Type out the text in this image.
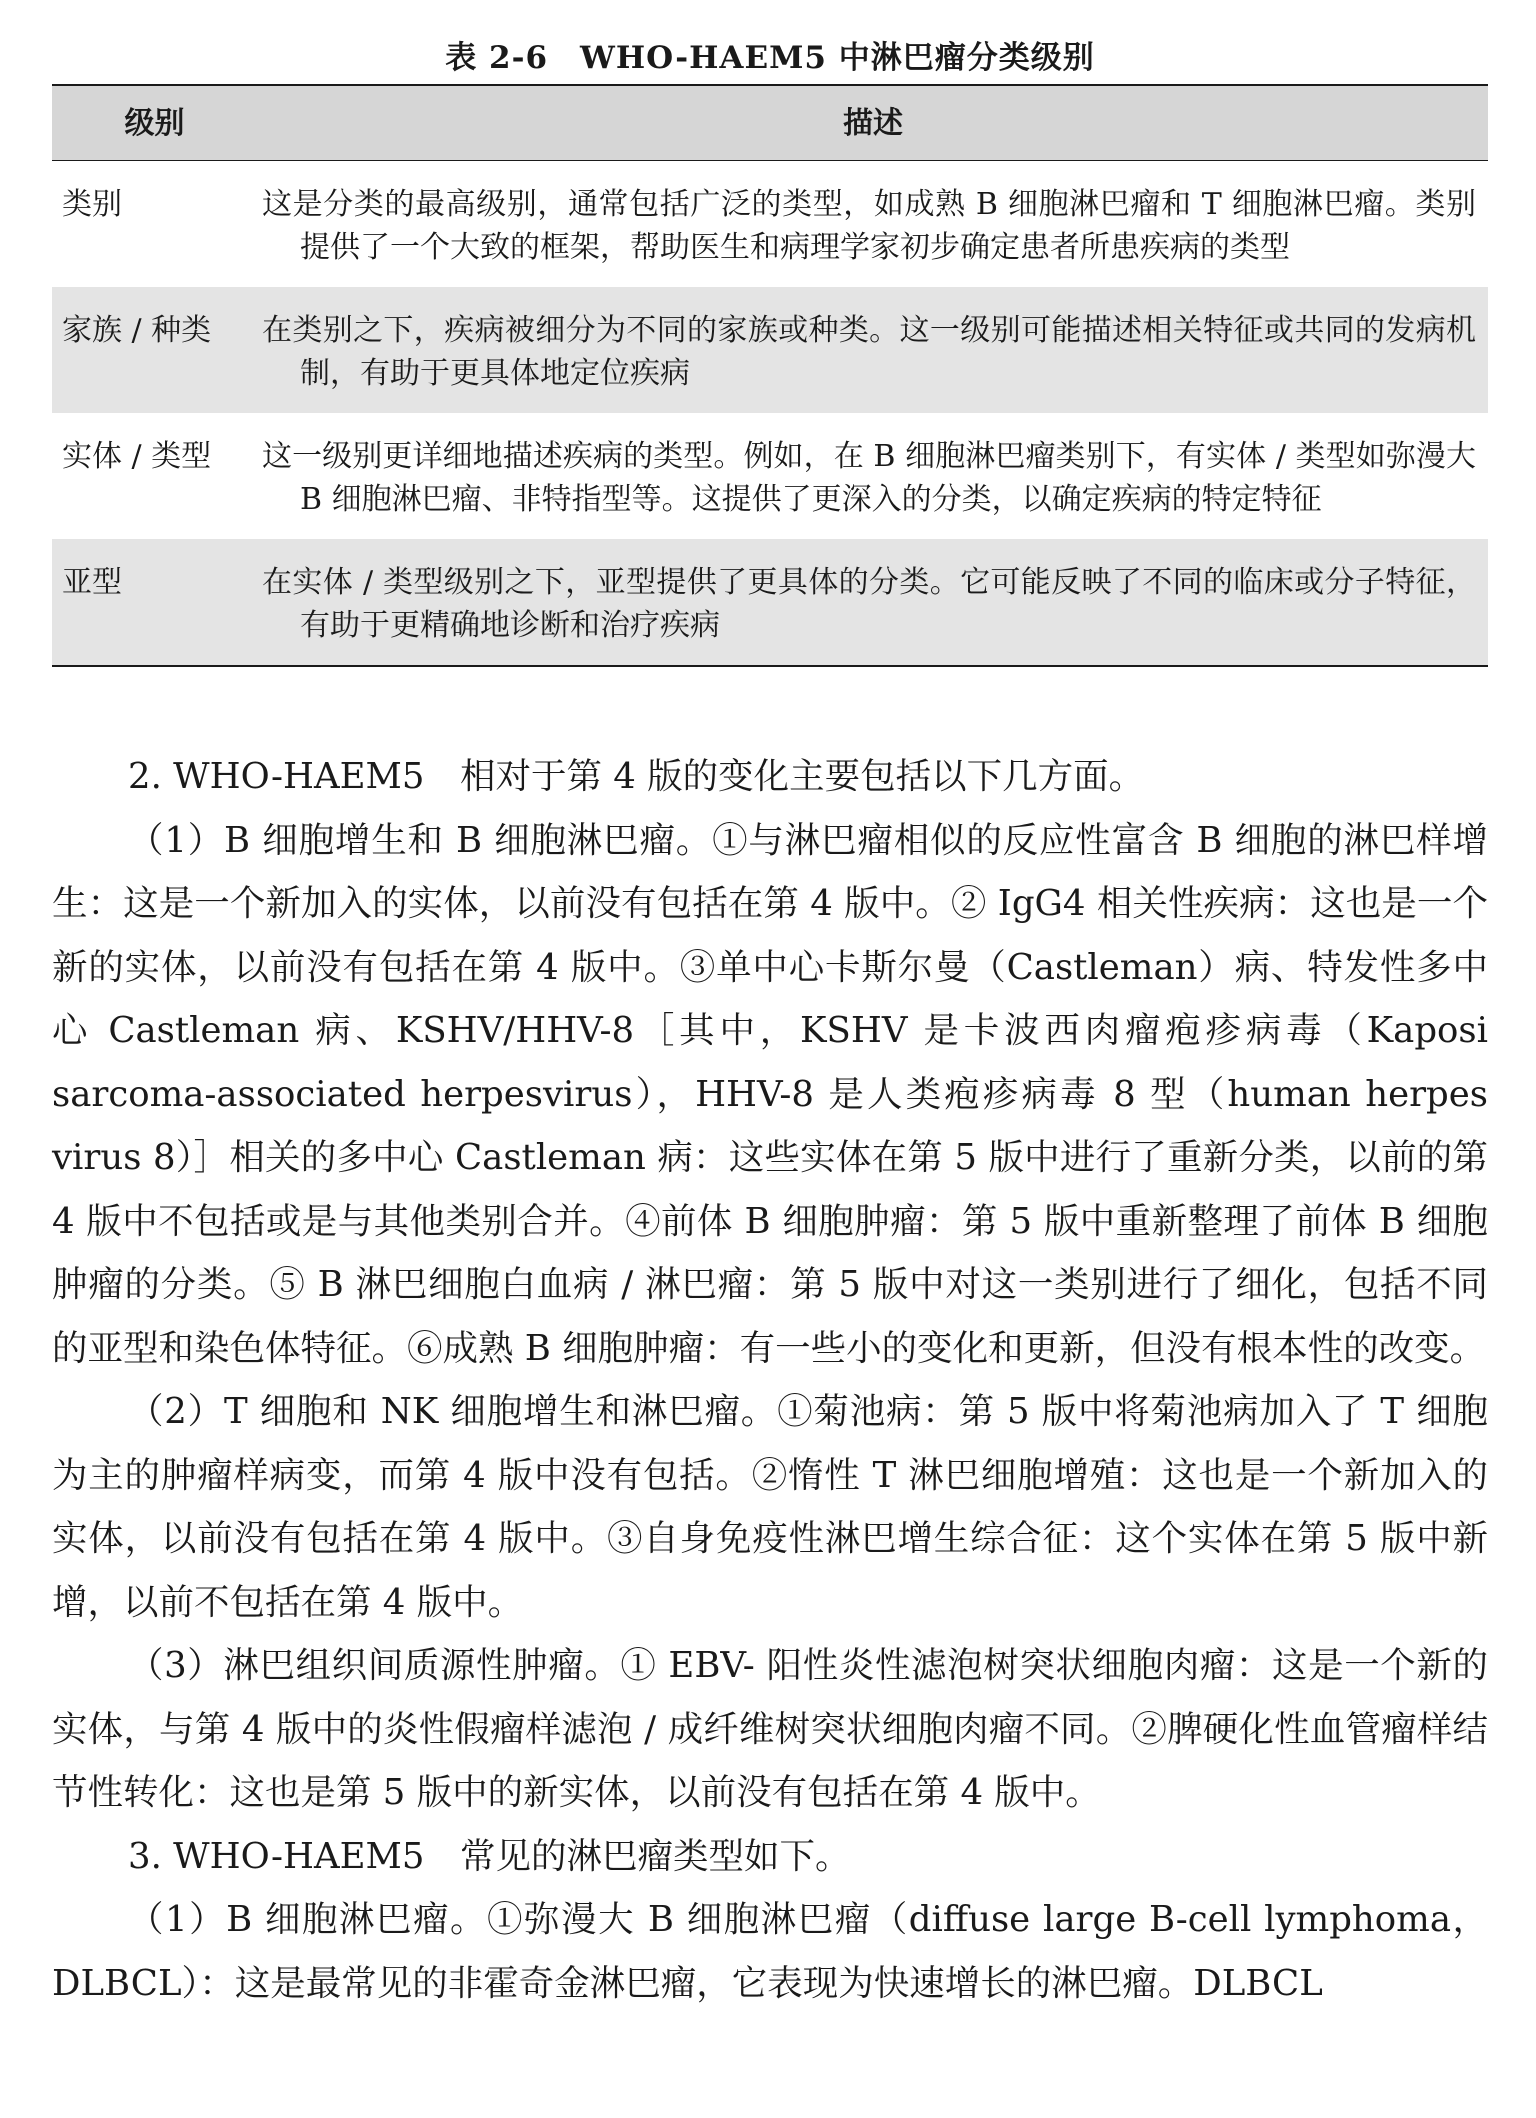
表 2-6　WHO-HAEM5 中淋巴瘤分类级别
级别	描述
类别	这是分类的最高级别，通常包括广泛的类型，如成熟 B 细胞淋巴瘤和 T 细胞淋巴瘤。类别提供了一个大致的框架，帮助医生和病理学家初步确定患者所患疾病的类型
家族 / 种类	在类别之下，疾病被细分为不同的家族或种类。这一级别可能描述相关特征或共同的发病机制，有助于更具体地定位疾病
实体 / 类型	这一级别更详细地描述疾病的类型。例如，在 B 细胞淋巴瘤类别下，有实体 / 类型如弥漫大 B 细胞淋巴瘤、非特指型等。这提供了更深入的分类，以确定疾病的特定特征
亚型	在实体 / 类型级别之下，亚型提供了更具体的分类。它可能反映了不同的临床或分子特征，有助于更精确地诊断和治疗疾病

2. WHO-HAEM5　相对于第 4 版的变化主要包括以下几方面。

（1）B 细胞增生和 B 细胞淋巴瘤。①与淋巴瘤相似的反应性富含 B 细胞的淋巴样增生：这是一个新加入的实体，以前没有包括在第 4 版中。② IgG4 相关性疾病：这也是一个新的实体，以前没有包括在第 4 版中。③单中心卡斯尔曼（Castleman）病、特发性多中心 Castleman 病、KSHV/HHV-8［其中，KSHV 是卡波西肉瘤疱疹病毒（Kaposi sarcoma-associated herpesvirus），HHV-8 是人类疱疹病毒 8 型（human herpes virus 8）］相关的多中心 Castleman 病：这些实体在第 5 版中进行了重新分类，以前的第 4 版中不包括或是与其他类别合并。④前体 B 细胞肿瘤：第 5 版中重新整理了前体 B 细胞肿瘤的分类。⑤ B 淋巴细胞白血病 / 淋巴瘤：第 5 版中对这一类别进行了细化，包括不同的亚型和染色体特征。⑥成熟 B 细胞肿瘤：有一些小的变化和更新，但没有根本性的改变。

（2）T 细胞和 NK 细胞增生和淋巴瘤。①菊池病：第 5 版中将菊池病加入了 T 细胞为主的肿瘤样病变，而第 4 版中没有包括。②惰性 T 淋巴细胞增殖：这也是一个新加入的实体，以前没有包括在第 4 版中。③自身免疫性淋巴增生综合征：这个实体在第 5 版中新增，以前不包括在第 4 版中。

（3）淋巴组织间质源性肿瘤。① EBV- 阳性炎性滤泡树突状细胞肉瘤：这是一个新的实体，与第 4 版中的炎性假瘤样滤泡 / 成纤维树突状细胞肉瘤不同。②脾硬化性血管瘤样结节性转化：这也是第 5 版中的新实体，以前没有包括在第 4 版中。

3. WHO-HAEM5　常见的淋巴瘤类型如下。

（1）B 细胞淋巴瘤。①弥漫大 B 细胞淋巴瘤（diffuse large B-cell lymphoma，DLBCL）：这是最常见的非霍奇金淋巴瘤，它表现为快速增长的淋巴瘤。DLBCL
